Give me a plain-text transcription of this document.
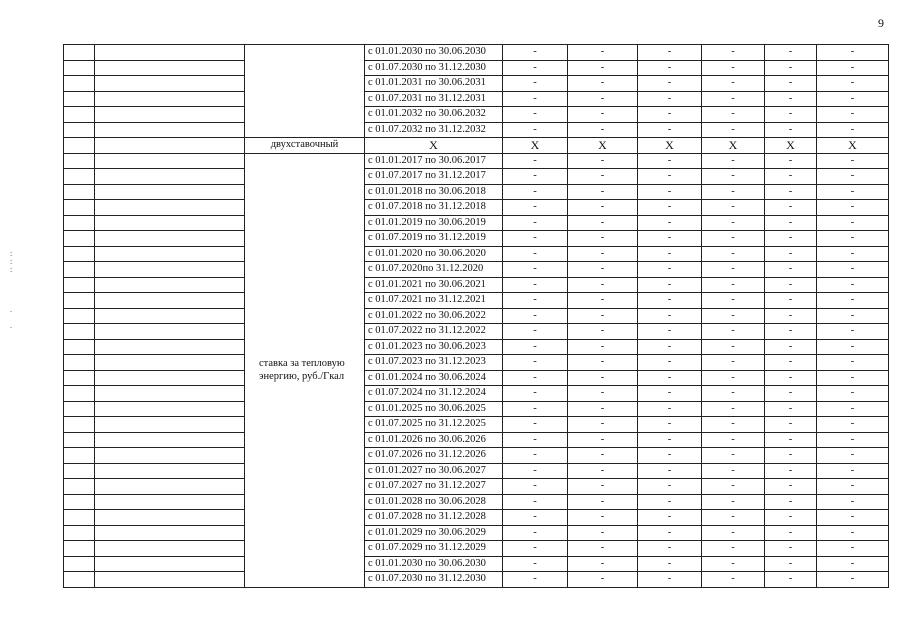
9
:
:
:

.

.
			с 01.01.2030 по 30.06.2030	-	-	-	-	-	-
			с 01.07.2030 по 31.12.2030	-	-	-	-	-	-
			с 01.01.2031 по 30.06.2031	-	-	-	-	-	-
			с 01.07.2031 по 31.12.2031	-	-	-	-	-	-
			с 01.01.2032 по 30.06.2032	-	-	-	-	-	-
			с 01.07.2032 по 31.12.2032	-	-	-	-	-	-
		двухставочный	X	X	X	X	X	X	X
		ставка за тепловую энергию, руб./Гкал	с 01.01.2017 по 30.06.2017	-	-	-	-	-	-
			с 01.07.2017 по 31.12.2017	-	-	-	-	-	-
			с 01.01.2018 по 30.06.2018	-	-	-	-	-	-
			с 01.07.2018 по 31.12.2018	-	-	-	-	-	-
			с 01.01.2019 по 30.06.2019	-	-	-	-	-	-
			с 01.07.2019 по 31.12.2019	-	-	-	-	-	-
			с 01.01.2020 по 30.06.2020	-	-	-	-	-	-
			с 01.07.2020по 31.12.2020	-	-	-	-	-	-
			с 01.01.2021 по 30.06.2021	-	-	-	-	-	-
			с 01.07.2021 по 31.12.2021	-	-	-	-	-	-
			с 01.01.2022 по 30.06.2022	-	-	-	-	-	-
			с 01.07.2022 по 31.12.2022	-	-	-	-	-	-
			с 01.01.2023 по 30.06.2023	-	-	-	-	-	-
			с 01.07.2023 по 31.12.2023	-	-	-	-	-	-
			с 01.01.2024 по 30.06.2024	-	-	-	-	-	-
			с 01.07.2024 по 31.12.2024	-	-	-	-	-	-
			с 01.01.2025 по 30.06.2025	-	-	-	-	-	-
			с 01.07.2025 по 31.12.2025	-	-	-	-	-	-
			с 01.01.2026 по 30.06.2026	-	-	-	-	-	-
			с 01.07.2026 по 31.12.2026	-	-	-	-	-	-
			с 01.01.2027 по 30.06.2027	-	-	-	-	-	-
			с 01.07.2027 по 31.12.2027	-	-	-	-	-	-
			с 01.01.2028 по 30.06.2028	-	-	-	-	-	-
			с 01.07.2028 по 31.12.2028	-	-	-	-	-	-
			с 01.01.2029 по 30.06.2029	-	-	-	-	-	-
			с 01.07.2029 по 31.12.2029	-	-	-	-	-	-
			с 01.01.2030 по 30.06.2030	-	-	-	-	-	-
			с 01.07.2030 по 31.12.2030	-	-	-	-	-	-
